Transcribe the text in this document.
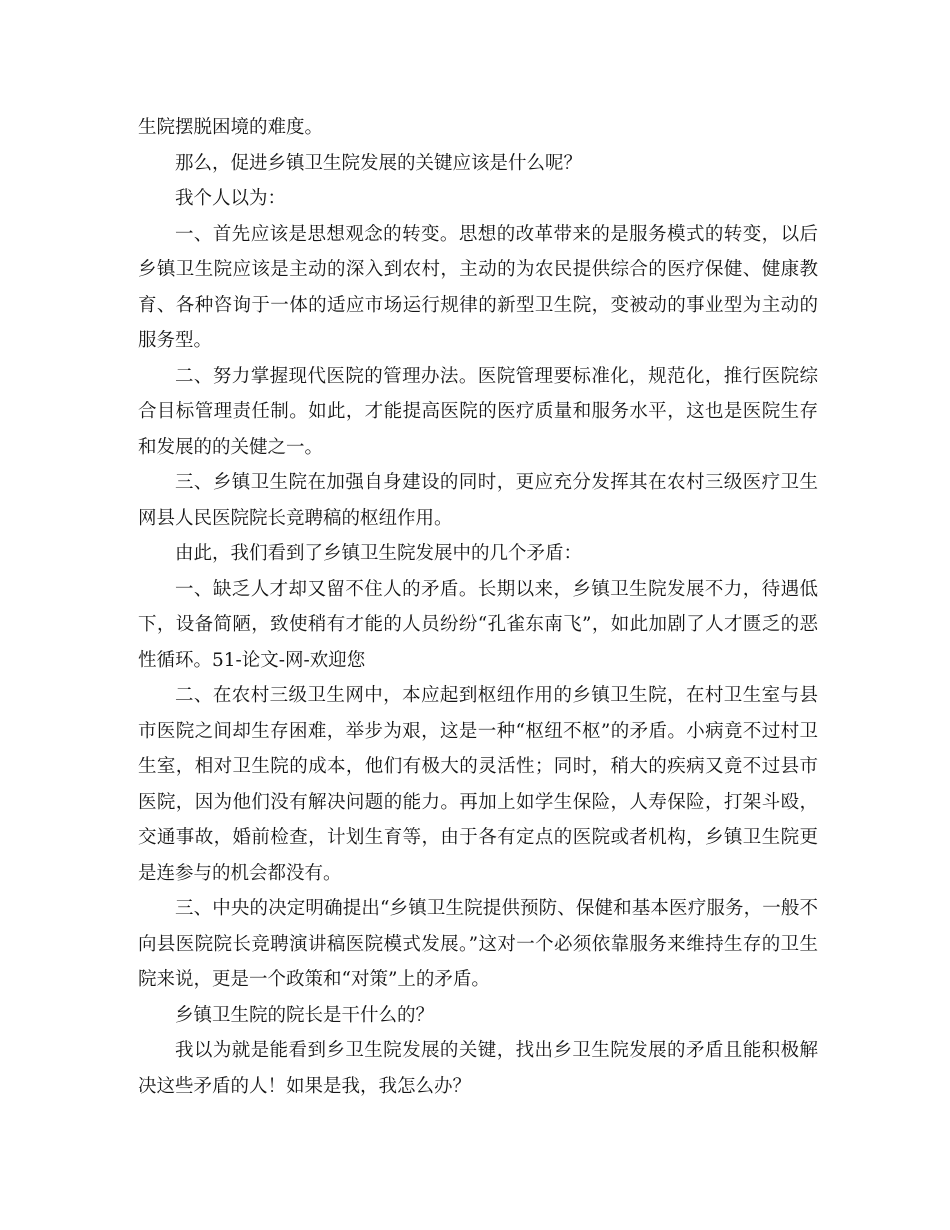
生院摆脱困境的难度。

那么，促进乡镇卫生院发展的关键应该是什么呢？

我个人以为：

一、首先应该是思想观念的转变。思想的改革带来的是服务模式的转变，以后乡镇卫生院应该是主动的深入到农村，主动的为农民提供综合的医疗保健、健康教育、各种咨询于一体的适应市场运行规律的新型卫生院，变被动的事业型为主动的服务型。

二、努力掌握现代医院的管理办法。医院管理要标准化，规范化，推行医院综合目标管理责任制。如此，才能提高医院的医疗质量和服务水平，这也是医院生存和发展的的关健之一。

三、乡镇卫生院在加强自身建设的同时，更应充分发挥其在农村三级医疗卫生网县人民医院院长竞聘稿的枢纽作用。

由此，我们看到了乡镇卫生院发展中的几个矛盾：

一、缺乏人才却又留不住人的矛盾。长期以来，乡镇卫生院发展不力，待遇低下，设备简陋，致使稍有才能的人员纷纷“孔雀东南飞”，如此加剧了人才匮乏的恶性循环。51-论文-网-欢迎您

二、在农村三级卫生网中，本应起到枢纽作用的乡镇卫生院，在村卫生室与县市医院之间却生存困难，举步为艰，这是一种“枢纽不枢”的矛盾。小病竟不过村卫生室，相对卫生院的成本，他们有极大的灵活性；同时，稍大的疾病又竟不过县市医院，因为他们没有解决问题的能力。再加上如学生保险，人寿保险，打架斗殴，交通事故，婚前检查，计划生育等，由于各有定点的医院或者机构，乡镇卫生院更是连参与的机会都没有。

三、中央的决定明确提出“乡镇卫生院提供预防、保健和基本医疗服务，一般不向县医院院长竞聘演讲稿医院模式发展。”这对一个必须依靠服务来维持生存的卫生院来说，更是一个政策和“对策”上的矛盾。

乡镇卫生院的院长是干什么的？

我以为就是能看到乡卫生院发展的关键，找出乡卫生院发展的矛盾且能积极解决这些矛盾的人！如果是我，我怎么办？
